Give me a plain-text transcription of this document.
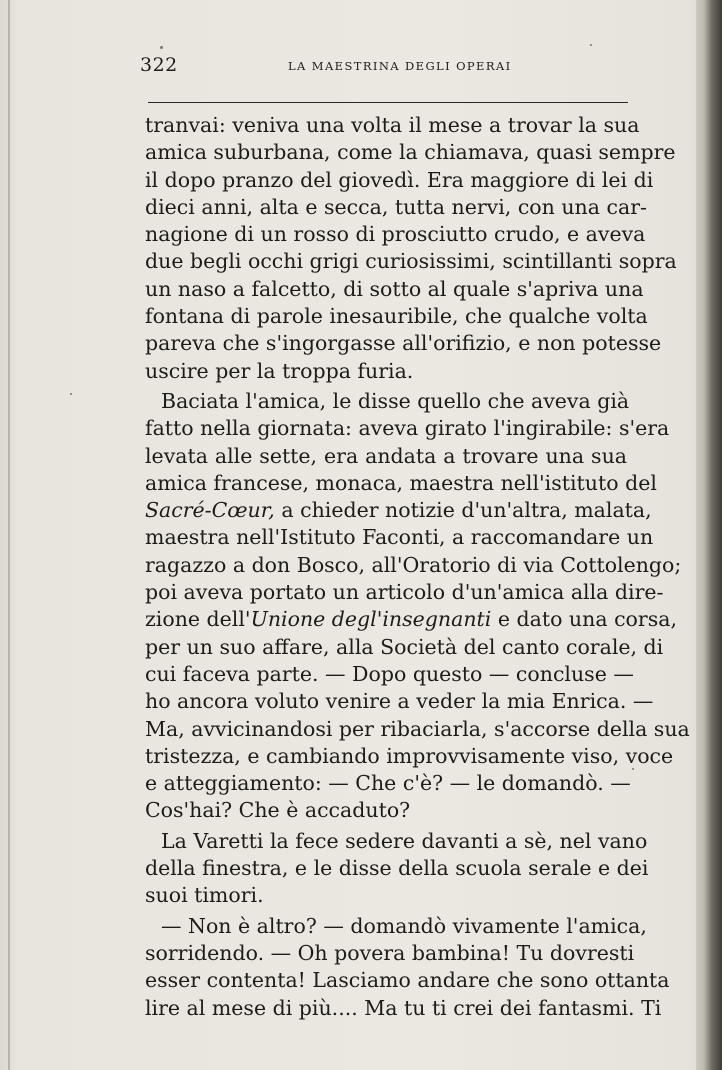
322	LA MAESTRINA DEGLI OPERAI
tranvai: veniva una volta il mese a trovar la sua
amica suburbana, come la chiamava, quasi sempre
il dopo pranzo del giovedì. Era maggiore di lei di
dieci anni, alta e secca, tutta nervi, con una car-
nagione di un rosso di prosciutto crudo, e aveva
due begli occhi grigi curiosissimi, scintillanti sopra
un naso a falcetto, di sotto al quale s'apriva una
fontana di parole inesauribile, che qualche volta
pareva che s'ingorgasse all'orifizio, e non potesse
uscire per la troppa furia.
Baciata l'amica, le disse quello che aveva già
fatto nella giornata: aveva girato l'ingirabile: s'era
levata alle sette, era andata a trovare una sua
amica francese, monaca, maestra nell'istituto del
Sacré-Cœur, a chieder notizie d'un'altra, malata,
maestra nell'Istituto Faconti, a raccomandare un
ragazzo a don Bosco, all'Oratorio di via Cottolengo;
poi aveva portato un articolo d'un'amica alla dire-
zione dell'Unione degl'insegnanti e dato una corsa,
per un suo affare, alla Società del canto corale, di
cui faceva parte. — Dopo questo — concluse —
ho ancora voluto venire a veder la mia Enrica. —
Ma, avvicinandosi per ribaciarla, s'accorse della sua
tristezza, e cambiando improvvisamente viso, voce
e atteggiamento: — Che c'è? — le domandò. —
Cos'hai? Che è accaduto?
La Varetti la fece sedere davanti a sè, nel vano
della finestra, e le disse della scuola serale e dei
suoi timori.
— Non è altro? — domandò vivamente l'amica,
sorridendo. — Oh povera bambina! Tu dovresti
esser contenta! Lasciamo andare che sono ottanta
lire al mese di più.... Ma tu ti crei dei fantasmi. Ti
